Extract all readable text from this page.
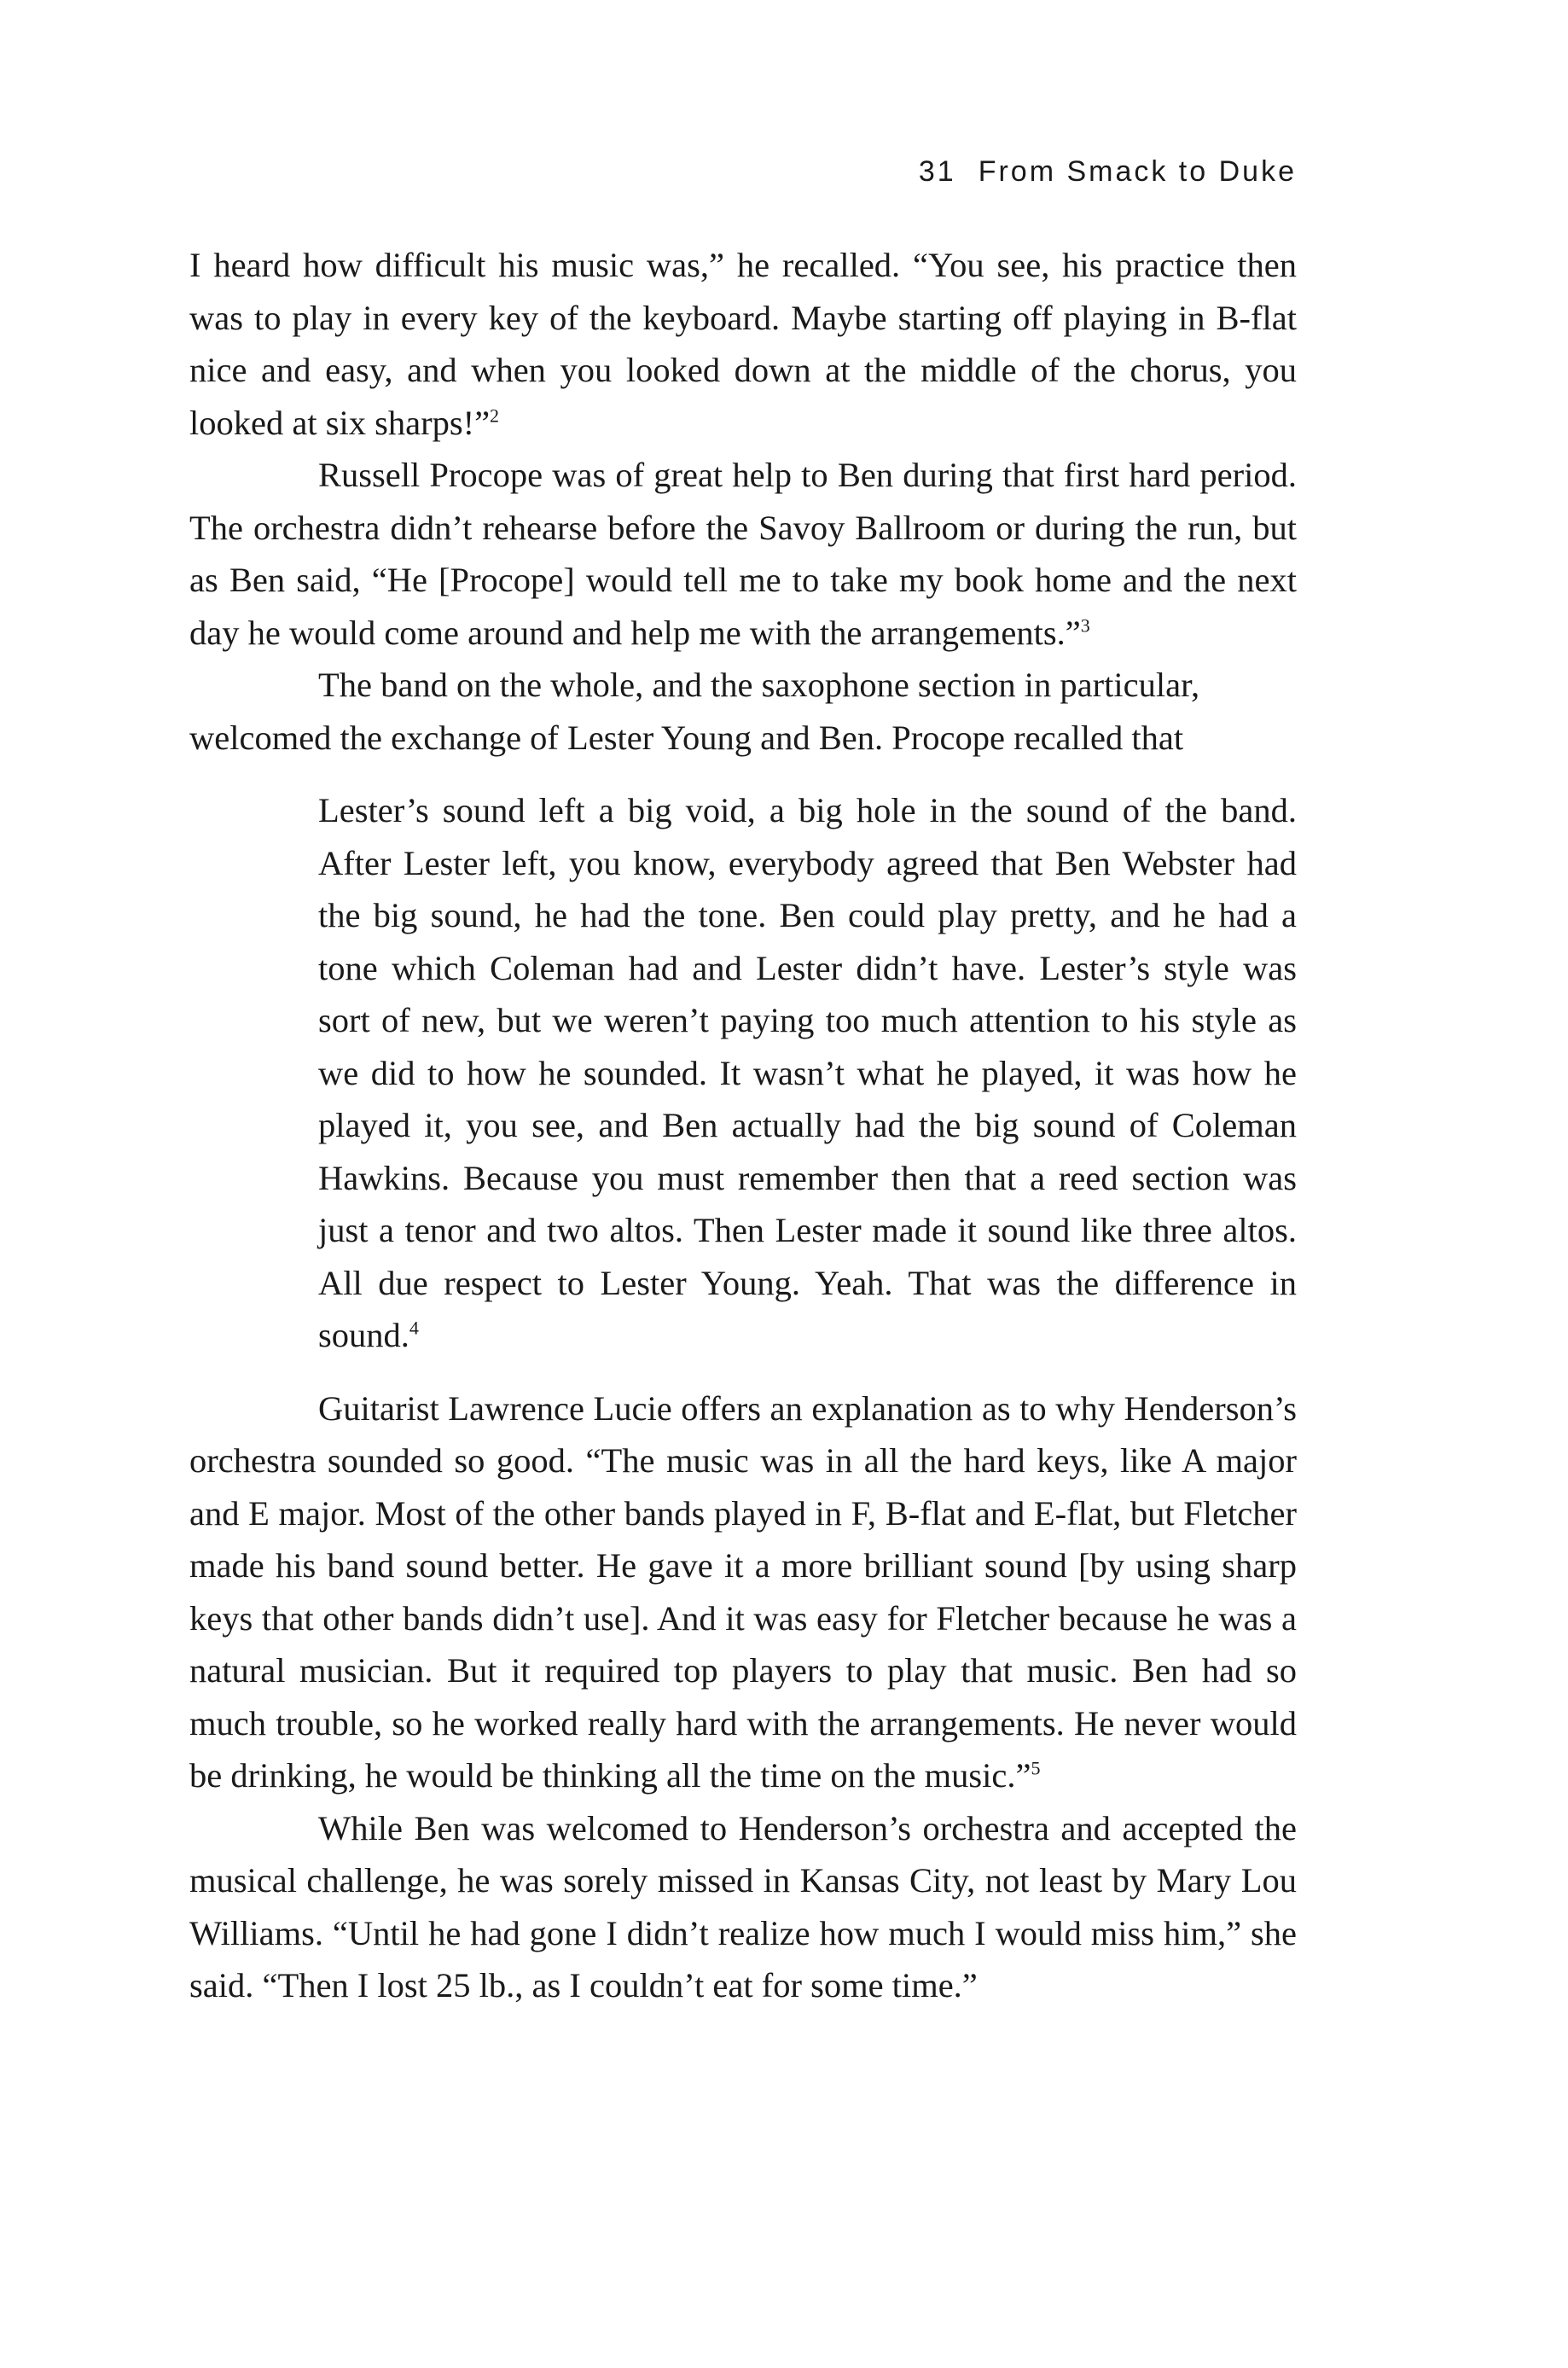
31 From Smack to Duke

I heard how difficult his music was,” he recalled. “You see, his practice then was to play in every key of the keyboard. Maybe starting off playing in B-flat nice and easy, and when you looked down at the middle of the chorus, you looked at six sharps!”$^2$

Russell Procope was of great help to Ben during that first hard period. The orchestra didn’t rehearse before the Savoy Ballroom or during the run, but as Ben said, “He [Procope] would tell me to take my book home and the next day he would come around and help me with the arrangements.”$^3$

The band on the whole, and the saxophone section in particular, welcomed the exchange of Lester Young and Ben. Procope recalled that

Lester’s sound left a big void, a big hole in the sound of the band. After Lester left, you know, everybody agreed that Ben Webster had the big sound, he had the tone. Ben could play pretty, and he had a tone which Coleman had and Lester didn’t have. Lester’s style was sort of new, but we weren’t paying too much attention to his style as we did to how he sounded. It wasn’t what he played, it was how he played it, you see, and Ben actually had the big sound of Coleman Hawkins. Because you must remember then that a reed section was just a tenor and two altos. Then Lester made it sound like three altos. All due respect to Lester Young. Yeah. That was the difference in sound.$^4$

Guitarist Lawrence Lucie offers an explanation as to why Henderson’s orchestra sounded so good. “The music was in all the hard keys, like A major and E major. Most of the other bands played in F, B-flat and E-flat, but Fletcher made his band sound better. He gave it a more brilliant sound [by using sharp keys that other bands didn’t use]. And it was easy for Fletcher because he was a natural musician. But it required top players to play that music. Ben had so much trouble, so he worked really hard with the arrangements. He never would be drinking, he would be thinking all the time on the music.”$^5$

While Ben was welcomed to Henderson’s orchestra and accepted the musical challenge, he was sorely missed in Kansas City, not least by Mary Lou Williams. “Until he had gone I didn’t realize how much I would miss him,” she said. “Then I lost 25 lb., as I couldn’t eat for some time.”
